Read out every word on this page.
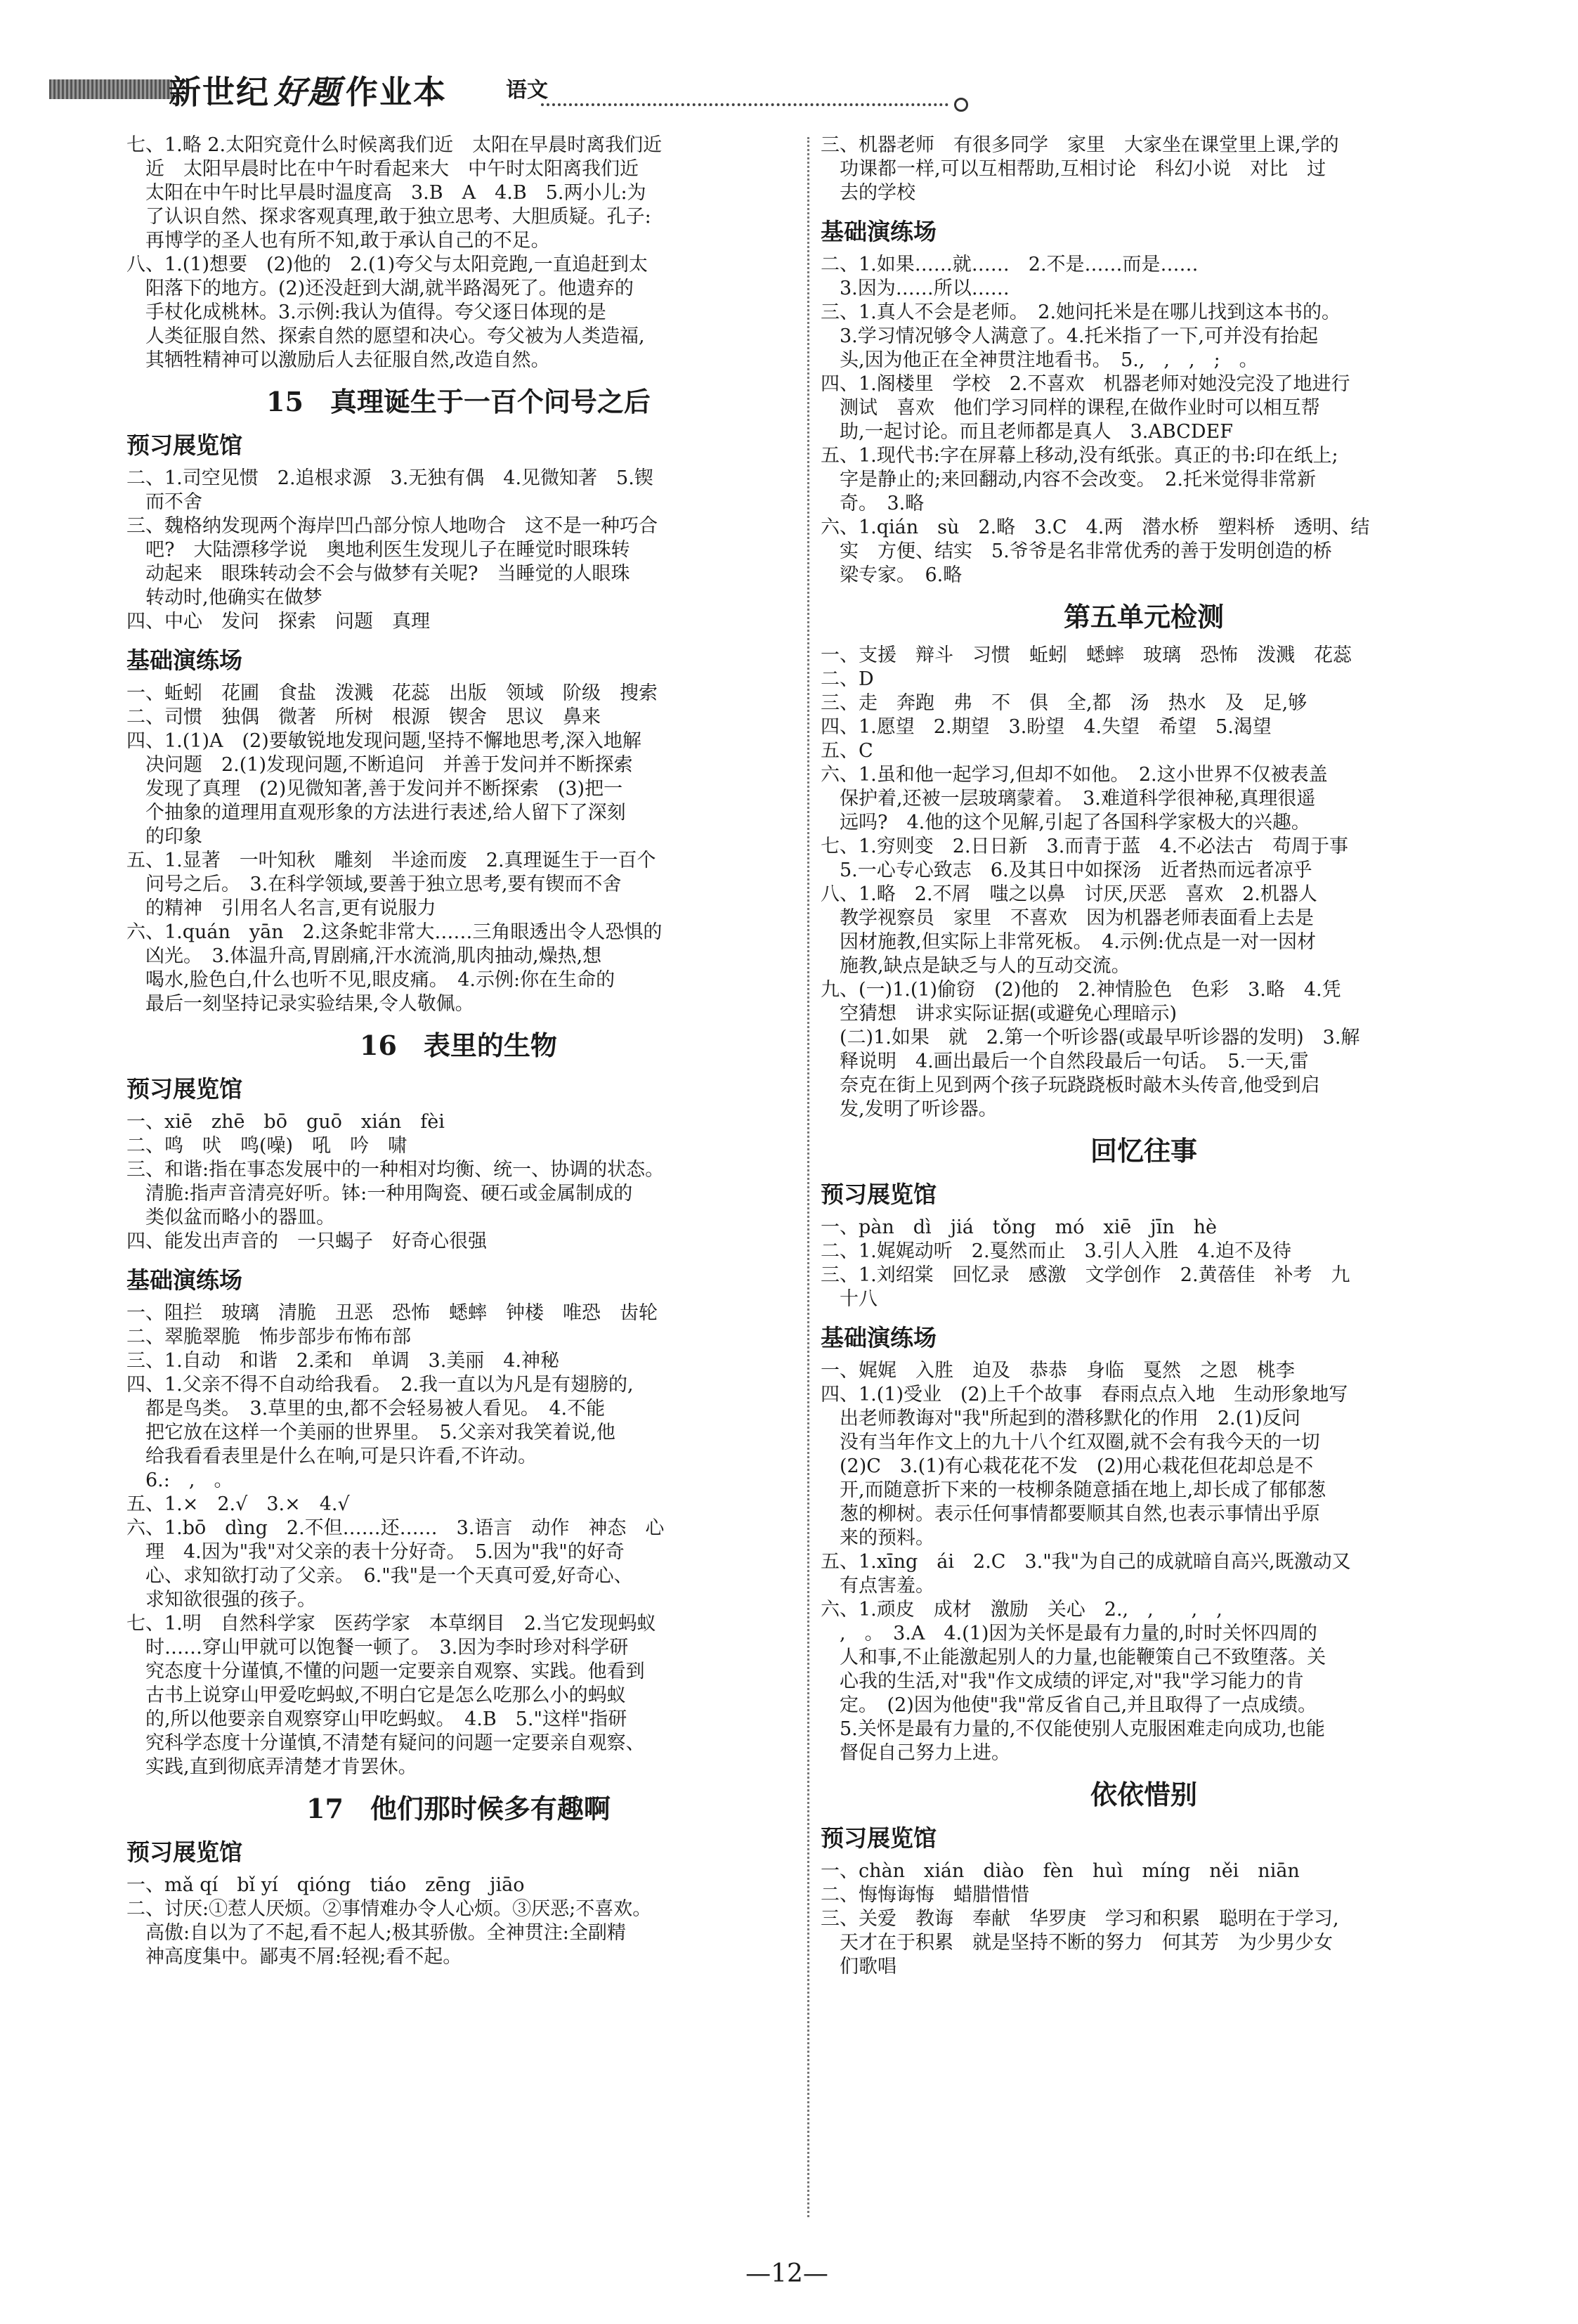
新世纪 好题 作业本	语文
七、1.略 2.太阳究竟什么时候离我们近　太阳在早晨时离我们近
　近　太阳早晨时比在中午时看起来大　中午时太阳离我们近
　太阳在中午时比早晨时温度高　3.B　A　4.B　5.两小儿:为
　了认识自然、探求客观真理,敢于独立思考、大胆质疑。孔子:
　再博学的圣人也有所不知,敢于承认自己的不足。
八、1.(1)想要　(2)他的　2.(1)夸父与太阳竞跑,一直追赶到太
　阳落下的地方。(2)还没赶到大湖,就半路渴死了。他遗弃的
　手杖化成桃林。3.示例:我认为值得。夸父逐日体现的是
　人类征服自然、探索自然的愿望和决心。夸父被为人类造福,
　其牺牲精神可以激励后人去征服自然,改造自然。
15　真理诞生于一百个问号之后
预习展览馆
二、1.司空见惯　2.追根求源　3.无独有偶　4.见微知著　5.锲
　而不舍
三、魏格纳发现两个海岸凹凸部分惊人地吻合　这不是一种巧合
　吧?　大陆漂移学说　奥地利医生发现儿子在睡觉时眼珠转
　动起来　眼珠转动会不会与做梦有关呢?　当睡觉的人眼珠
　转动时,他确实在做梦
四、中心　发问　探索　问题　真理
基础演练场
一、蚯蚓　花圃　食盐　泼溅　花蕊　出版　领域　阶级　搜索
二、司惯　独偶　微著　所树　根源　锲舍　思议　鼻来
四、1.(1)A　(2)要敏锐地发现问题,坚持不懈地思考,深入地解
　决问题　2.(1)发现问题,不断追问　并善于发问并不断探索
　发现了真理　(2)见微知著,善于发问并不断探索　(3)把一
　个抽象的道理用直观形象的方法进行表述,给人留下了深刻
　的印象
五、1.显著　一叶知秋　雕刻　半途而废　2.真理诞生于一百个
　问号之后。　3.在科学领域,要善于独立思考,要有锲而不舍
　的精神　引用名人名言,更有说服力
六、1.quán　yān　2.这条蛇非常大……三角眼透出令人恐惧的
　凶光。　3.体温升高,胃剧痛,汗水流淌,肌肉抽动,燥热,想
　喝水,脸色白,什么也听不见,眼皮痛。　4.示例:你在生命的
　最后一刻坚持记录实验结果,令人敬佩。
16　表里的生物
预习展览馆
一、xiē　zhē　bō　guō　xián　fèi
二、鸣　吠　鸣(噪)　吼　吟　啸
三、和谐:指在事态发展中的一种相对均衡、统一、协调的状态。
　清脆:指声音清亮好听。钵:一种用陶瓷、硬石或金属制成的
　类似盆而略小的器皿。
四、能发出声音的　一只蝎子　好奇心很强
基础演练场
一、阻拦　玻璃　清脆　丑恶　恐怖　蟋蟀　钟楼　唯恐　齿轮
二、翠脆翠脆　怖步部步布怖布部
三、1.自动　和谐　2.柔和　单调　3.美丽　4.神秘
四、1.父亲不得不自动给我看。　2.我一直以为凡是有翅膀的,
　都是鸟类。　3.草里的虫,都不会轻易被人看见。　4.不能
　把它放在这样一个美丽的世界里。　5.父亲对我笑着说,他
　给我看看表里是什么在响,可是只许看,不许动。
　6.:　,　。
五、1.×　2.√　3.×　4.√
六、1.bō　dìng　2.不但……还……　3.语言　动作　神态　心
　理　4.因为"我"对父亲的表十分好奇。　5.因为"我"的好奇
　心、求知欲打动了父亲。　6."我"是一个天真可爱,好奇心、
　求知欲很强的孩子。
七、1.明　自然科学家　医药学家　本草纲目　2.当它发现蚂蚁
　时……穿山甲就可以饱餐一顿了。　3.因为李时珍对科学研
　究态度十分谨慎,不懂的问题一定要亲自观察、实践。他看到
　古书上说穿山甲爱吃蚂蚁,不明白它是怎么吃那么小的蚂蚁
　的,所以他要亲自观察穿山甲吃蚂蚁。　4.B　5."这样"指研
　究科学态度十分谨慎,不清楚有疑问的问题一定要亲自观察、
　实践,直到彻底弄清楚才肯罢休。
17　他们那时候多有趣啊
预习展览馆
一、mǎ qí　bǐ yí　qióng　tiáo　zēng　jiāo
二、讨厌:①惹人厌烦。②事情难办令人心烦。③厌恶;不喜欢。
　高傲:自以为了不起,看不起人;极其骄傲。全神贯注:全副精
　神高度集中。鄙夷不屑:轻视;看不起。
三、机器老师　有很多同学　家里　大家坐在课堂里上课,学的
　功课都一样,可以互相帮助,互相讨论　科幻小说　对比　过
　去的学校
基础演练场
二、1.如果……就……　2.不是……而是……
　3.因为……所以……
三、1.真人不会是老师。　2.她问托米是在哪儿找到这本书的。
　3.学习情况够令人满意了。4.托米指了一下,可并没有抬起
　头,因为他正在全神贯注地看书。　5.,　,　,　;　。
四、1.阁楼里　学校　2.不喜欢　机器老师对她没完没了地进行
　测试　喜欢　他们学习同样的课程,在做作业时可以相互帮
　助,一起讨论。而且老师都是真人　3.ABCDEF
五、1.现代书:字在屏幕上移动,没有纸张。真正的书:印在纸上;
　字是静止的;来回翻动,内容不会改变。　2.托米觉得非常新
　奇。　3.略
六、1.qián　sù　2.略　3.C　4.两　潜水桥　塑料桥　透明、结
　实　方便、结实　5.爷爷是名非常优秀的善于发明创造的桥
　梁专家。　6.略
第五单元检测
一、支援　辩斗　习惯　蚯蚓　蟋蟀　玻璃　恐怖　泼溅　花蕊
二、D
三、走　奔跑　弗　不　俱　全,都　汤　热水　及　足,够
四、1.愿望　2.期望　3.盼望　4.失望　希望　5.渴望
五、C
六、1.虽和他一起学习,但却不如他。　2.这小世界不仅被表盖
　保护着,还被一层玻璃蒙着。　3.难道科学很神秘,真理很遥
　远吗?　4.他的这个见解,引起了各国科学家极大的兴趣。
七、1.穷则变　2.日日新　3.而青于蓝　4.不必法古　苟周于事
　5.一心专心致志　6.及其日中如探汤　近者热而远者凉乎
八、1.略　2.不屑　嗤之以鼻　讨厌,厌恶　喜欢　2.机器人
　教学视察员　家里　不喜欢　因为机器老师表面看上去是
　因材施教,但实际上非常死板。　4.示例:优点是一对一因材
　施教,缺点是缺乏与人的互动交流。
九、(一)1.(1)偷窃　(2)他的　2.神情脸色　色彩　3.略　4.凭
　空猜想　讲求实际证据(或避免心理暗示)
　(二)1.如果　就　2.第一个听诊器(或最早听诊器的发明)　3.解
　释说明　4.画出最后一个自然段最后一句话。　5.一天,雷
　奈克在街上见到两个孩子玩跷跷板时敲木头传音,他受到启
　发,发明了听诊器。
回忆往事
预习展览馆
一、pàn　dì　jiá　tǒng　mó　xiē　jīn　hè
二、1.娓娓动听　2.戛然而止　3.引人入胜　4.迫不及待
三、1.刘绍棠　回忆录　感激　文学创作　2.黄蓓佳　补考　九
　十八
基础演练场
一、娓娓　入胜　迫及　恭恭　身临　戛然　之恩　桃李
四、1.(1)受业　(2)上千个故事　春雨点点入地　生动形象地写
　出老师教诲对"我"所起到的潜移默化的作用　2.(1)反问
　没有当年作文上的九十八个红双圈,就不会有我今天的一切
　(2)C　3.(1)有心栽花花不发　(2)用心栽花但花却总是不
　开,而随意折下来的一枝柳条随意插在地上,却长成了郁郁葱
　葱的柳树。表示任何事情都要顺其自然,也表示事情出乎原
　来的预料。
五、1.xīng　ái　2.C　3."我"为自己的成就暗自高兴,既激动又
　有点害羞。
六、1.顽皮　成材　激励　关心　2.,　,　　,　,
　,　。　3.A　4.(1)因为关怀是最有力量的,时时关怀四周的
　人和事,不止能激起别人的力量,也能鞭策自己不致堕落。关
　心我的生活,对"我"作文成绩的评定,对"我"学习能力的肯
　定。　(2)因为他使"我"常反省自己,并且取得了一点成绩。
　5.关怀是最有力量的,不仅能使别人克服困难走向成功,也能
　督促自己努力上进。
依依惜别
预习展览馆
一、chàn　xián　diào　fèn　huì　míng　něi　niān
二、悔悔诲悔　蜡腊惜惜
三、关爱　教诲　奉献　华罗庚　学习和积累　聪明在于学习,
　天才在于积累　就是坚持不断的努力　何其芳　为少男少女
　们歌唱
—12—
